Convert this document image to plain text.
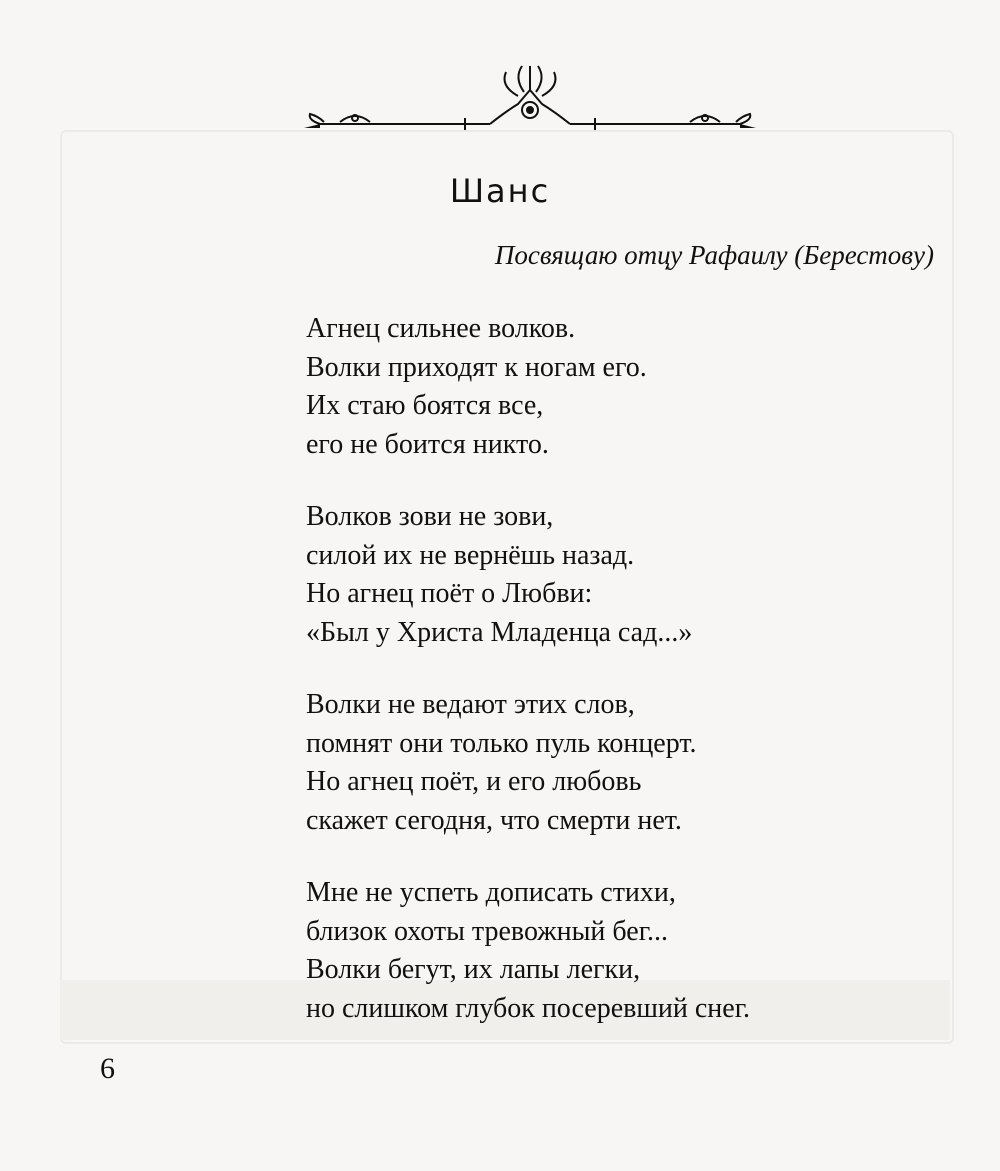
Шанс
Посвящаю отцу Рафаилу (Берестову)
Агнец сильнее волков.
Волки приходят к ногам его.
Их стаю боятся все,
его не боится никто.
Волков зови не зови,
силой их не вернёшь назад.
Но агнец поёт о Любви:
«Был у Христа Младенца сад...»
Волки не ведают этих слов,
помнят они только пуль концерт.
Но агнец поёт, и его любовь
скажет сегодня, что смерти нет.
Мне не успеть дописать стихи,
близок охоты тревожный бег...
Волки бегут, их лапы легки,
но слишком глубок посеревший снег.
6
